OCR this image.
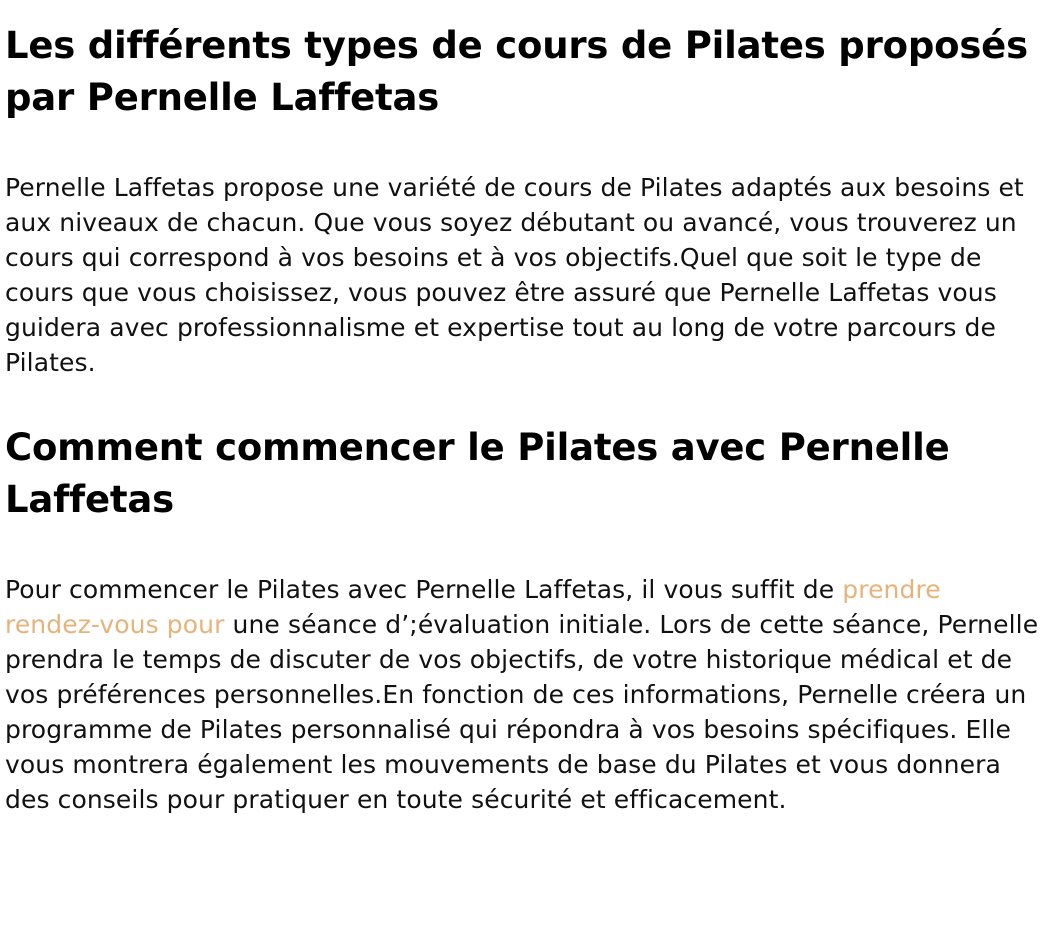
Les différents types de cours de Pilates proposés par Pernelle Laffetas

Pernelle Laffetas propose une variété de cours de Pilates adaptés aux besoins et aux niveaux de chacun. Que vous soyez débutant ou avancé, vous trouverez un cours qui correspond à vos besoins et à vos objectifs.Quel que soit le type de cours que vous choisissez, vous pouvez être assuré que Pernelle Laffetas vous guidera avec professionnalisme et expertise tout au long de votre parcours de Pilates.

Comment commencer le Pilates avec Pernelle Laffetas

Pour commencer le Pilates avec Pernelle Laffetas, il vous suffit de prendre rendez-vous pour une séance d’;évaluation initiale. Lors de cette séance, Pernelle prendra le temps de discuter de vos objectifs, de votre historique médical et de vos préférences personnelles.En fonction de ces informations, Pernelle créera un programme de Pilates personnalisé qui répondra à vos besoins spécifiques. Elle vous montrera également les mouvements de base du Pilates et vous donnera des conseils pour pratiquer en toute sécurité et efficacement.
